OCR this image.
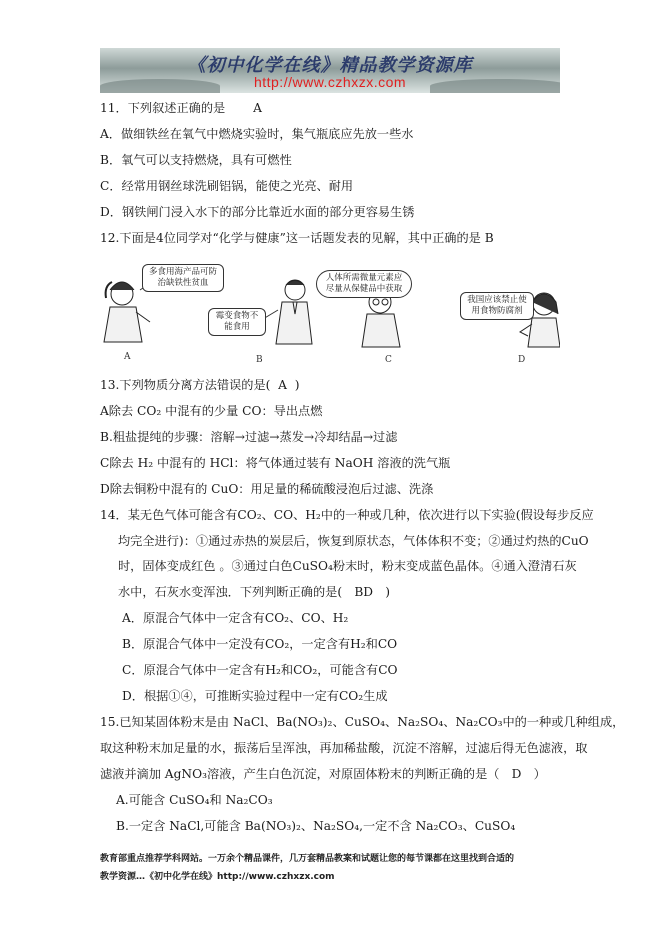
《初中化学在线》精品教学资源库
http://www.czhxzx.com
11．下列叙述正确的是 A
A．做细铁丝在氧气中燃烧实验时，集气瓶底应先放一些水
B．氧气可以支持燃烧，具有可燃性
C．经常用钢丝球洗刷铝锅，能使之光亮、耐用
D．钢铁闸门浸入水下的部分比靠近水面的部分更容易生锈
12.下面是4位同学对“化学与健康”这一话题发表的见解，其中正确的是 B
多食用海产品可防治缺铁性贫血
霉变食物不能食用
人体所需微量元素应尽量从保健品中获取
我国应该禁止使用食物防腐剂
A	B	C	D
13.下列物质分离方法错误的是( A )
A除去 CO₂ 中混有的少量 CO：导出点燃
B.粗盐提纯的步骤：溶解→过滤→蒸发→冷却结晶→过滤
C除去 H₂ 中混有的 HCl：将气体通过装有 NaOH 溶液的洗气瓶
D除去铜粉中混有的 CuO：用足量的稀硫酸浸泡后过滤、洗涤
14．某无色气体可能含有CO₂、CO、H₂中的一种或几种，依次进行以下实验(假设每步反应
均完全进行)：①通过赤热的炭层后，恢复到原状态，气体体积不变；②通过灼热的CuO
时，固体变成红色 。③通过白色CuSO₄粉末时，粉末变成蓝色晶体。④通入澄清石灰
水中，石灰水变浑浊．下列判断正确的是(　BD　)
A．原混合气体中一定含有CO₂、CO、H₂
B．原混合气体中一定没有CO₂，一定含有H₂和CO
C．原混合气体中一定含有H₂和CO₂，可能含有CO
D．根据①④，可推断实验过程中一定有CO₂生成
15.已知某固体粉末是由 NaCl、Ba(NO₃)₂、CuSO₄、Na₂SO₄、Na₂CO₃中的一种或几种组成，
取这种粉末加足量的水，振荡后呈浑浊，再加稀盐酸，沉淀不溶解，过滤后得无色滤液，取
滤液并滴加 AgNO₃溶液，产生白色沉淀，对原固体粉末的判断正确的是（　D　）
A.可能含 CuSO₄和 Na₂CO₃
B.一定含 NaCl,可能含 Ba(NO₃)₂、Na₂SO₄,一定不含 Na₂CO₃、CuSO₄
教育部重点推荐学科网站。一万余个精品课件，几万套精品教案和试题让您的每节课都在这里找到合适的
教学资源…《初中化学在线》http://www.czhxzx.com
